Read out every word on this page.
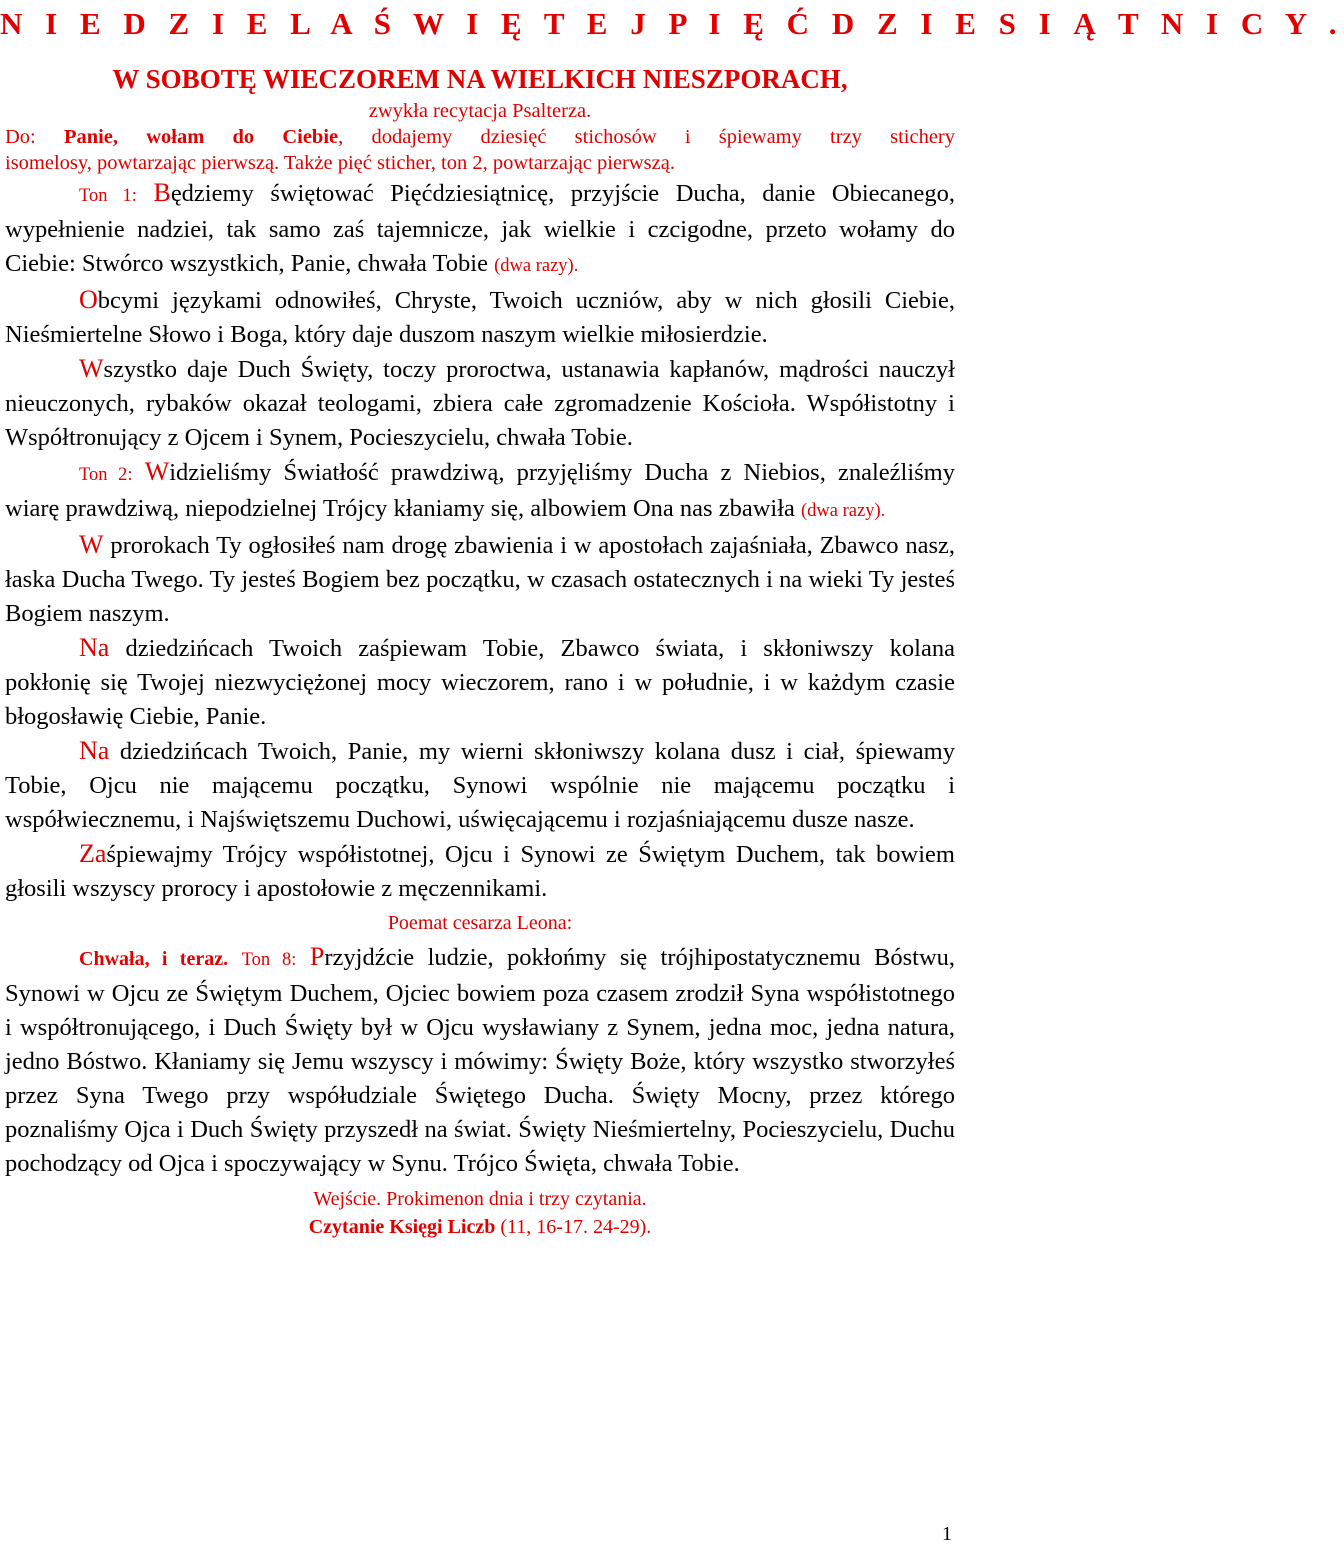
N I E D Z I E L A Ś W I Ę T E J P I Ę Ć D Z I E S I Ą T N I C Y .
W SOBOTĘ WIECZOREM NA WIELKICH NIESZPORACH,
zwykła recytacja Psalterza.
Do: Panie, wołam do Ciebie, dodajemy dziesięć stichosów i śpiewamy trzy stichery
isomelosy, powtarzając pierwszą. Także pięć sticher, ton 2, powtarzając pierwszą.

Ton 1: Będziemy świętować Pięćdziesiątnicę, przyjście Ducha, danie Obiecanego, wypełnienie nadziei, tak samo zaś tajemnicze, jak wielkie i czcigodne, przeto wołamy do Ciebie: Stwórco wszystkich, Panie, chwała Tobie (dwa razy).

Obcymi językami odnowiłeś, Chryste, Twoich uczniów, aby w nich głosili Ciebie, Nieśmiertelne Słowo i Boga, który daje duszom naszym wielkie miłosierdzie.

Wszystko daje Duch Święty, toczy proroctwa, ustanawia kapłanów, mądrości nauczył nieuczonych, rybaków okazał teologami, zbiera całe zgromadzenie Kościoła. Współistotny i Współtronujący z Ojcem i Synem, Pocieszycielu, chwała Tobie.

Ton 2: Widzieliśmy Światłość prawdziwą, przyjęliśmy Ducha z Niebios, znaleźliśmy wiarę prawdziwą, niepodzielnej Trójcy kłaniamy się, albowiem Ona nas zbawiła (dwa razy).

W prorokach Ty ogłosiłeś nam drogę zbawienia i w apostołach zajaśniała, Zbawco nasz, łaska Ducha Twego. Ty jesteś Bogiem bez początku, w czasach ostatecznych i na wieki Ty jesteś Bogiem naszym.

Na dziedzińcach Twoich zaśpiewam Tobie, Zbawco świata, i skłoniwszy kolana pokłonię się Twojej niezwyciężonej mocy wieczorem, rano i w południe, i w każdym czasie błogosławię Ciebie, Panie.

Na dziedzińcach Twoich, Panie, my wierni skłoniwszy kolana dusz i ciał, śpiewamy Tobie, Ojcu nie mającemu początku, Synowi wspólnie nie mającemu początku i współwiecznemu, i Najświętszemu Duchowi, uświęcającemu i rozjaśniającemu dusze nasze.

Zaśpiewajmy Trójcy współistotnej, Ojcu i Synowi ze Świętym Duchem, tak bowiem głosili wszyscy prorocy i apostołowie z męczennikami.

Poemat cesarza Leona:

Chwała, i teraz. Ton 8: Przyjdźcie ludzie, pokłońmy się trójhipostatycznemu Bóstwu, Synowi w Ojcu ze Świętym Duchem, Ojciec bowiem poza czasem zrodził Syna współistotnego i współtronującego, i Duch Święty był w Ojcu wysławiany z Synem, jedna moc, jedna natura, jedno Bóstwo. Kłaniamy się Jemu wszyscy i mówimy: Święty Boże, który wszystko stworzyłeś przez Syna Twego przy współudziale Świętego Ducha. Święty Mocny, przez którego poznaliśmy Ojca i Duch Święty przyszedł na świat. Święty Nieśmiertelny, Pocieszycielu, Duchu pochodzący od Ojca i spoczywający w Synu. Trójco Święta, chwała Tobie.

Wejście. Prokimenon dnia i trzy czytania.
Czytanie Księgi Liczb (11, 16-17. 24-29).
1
